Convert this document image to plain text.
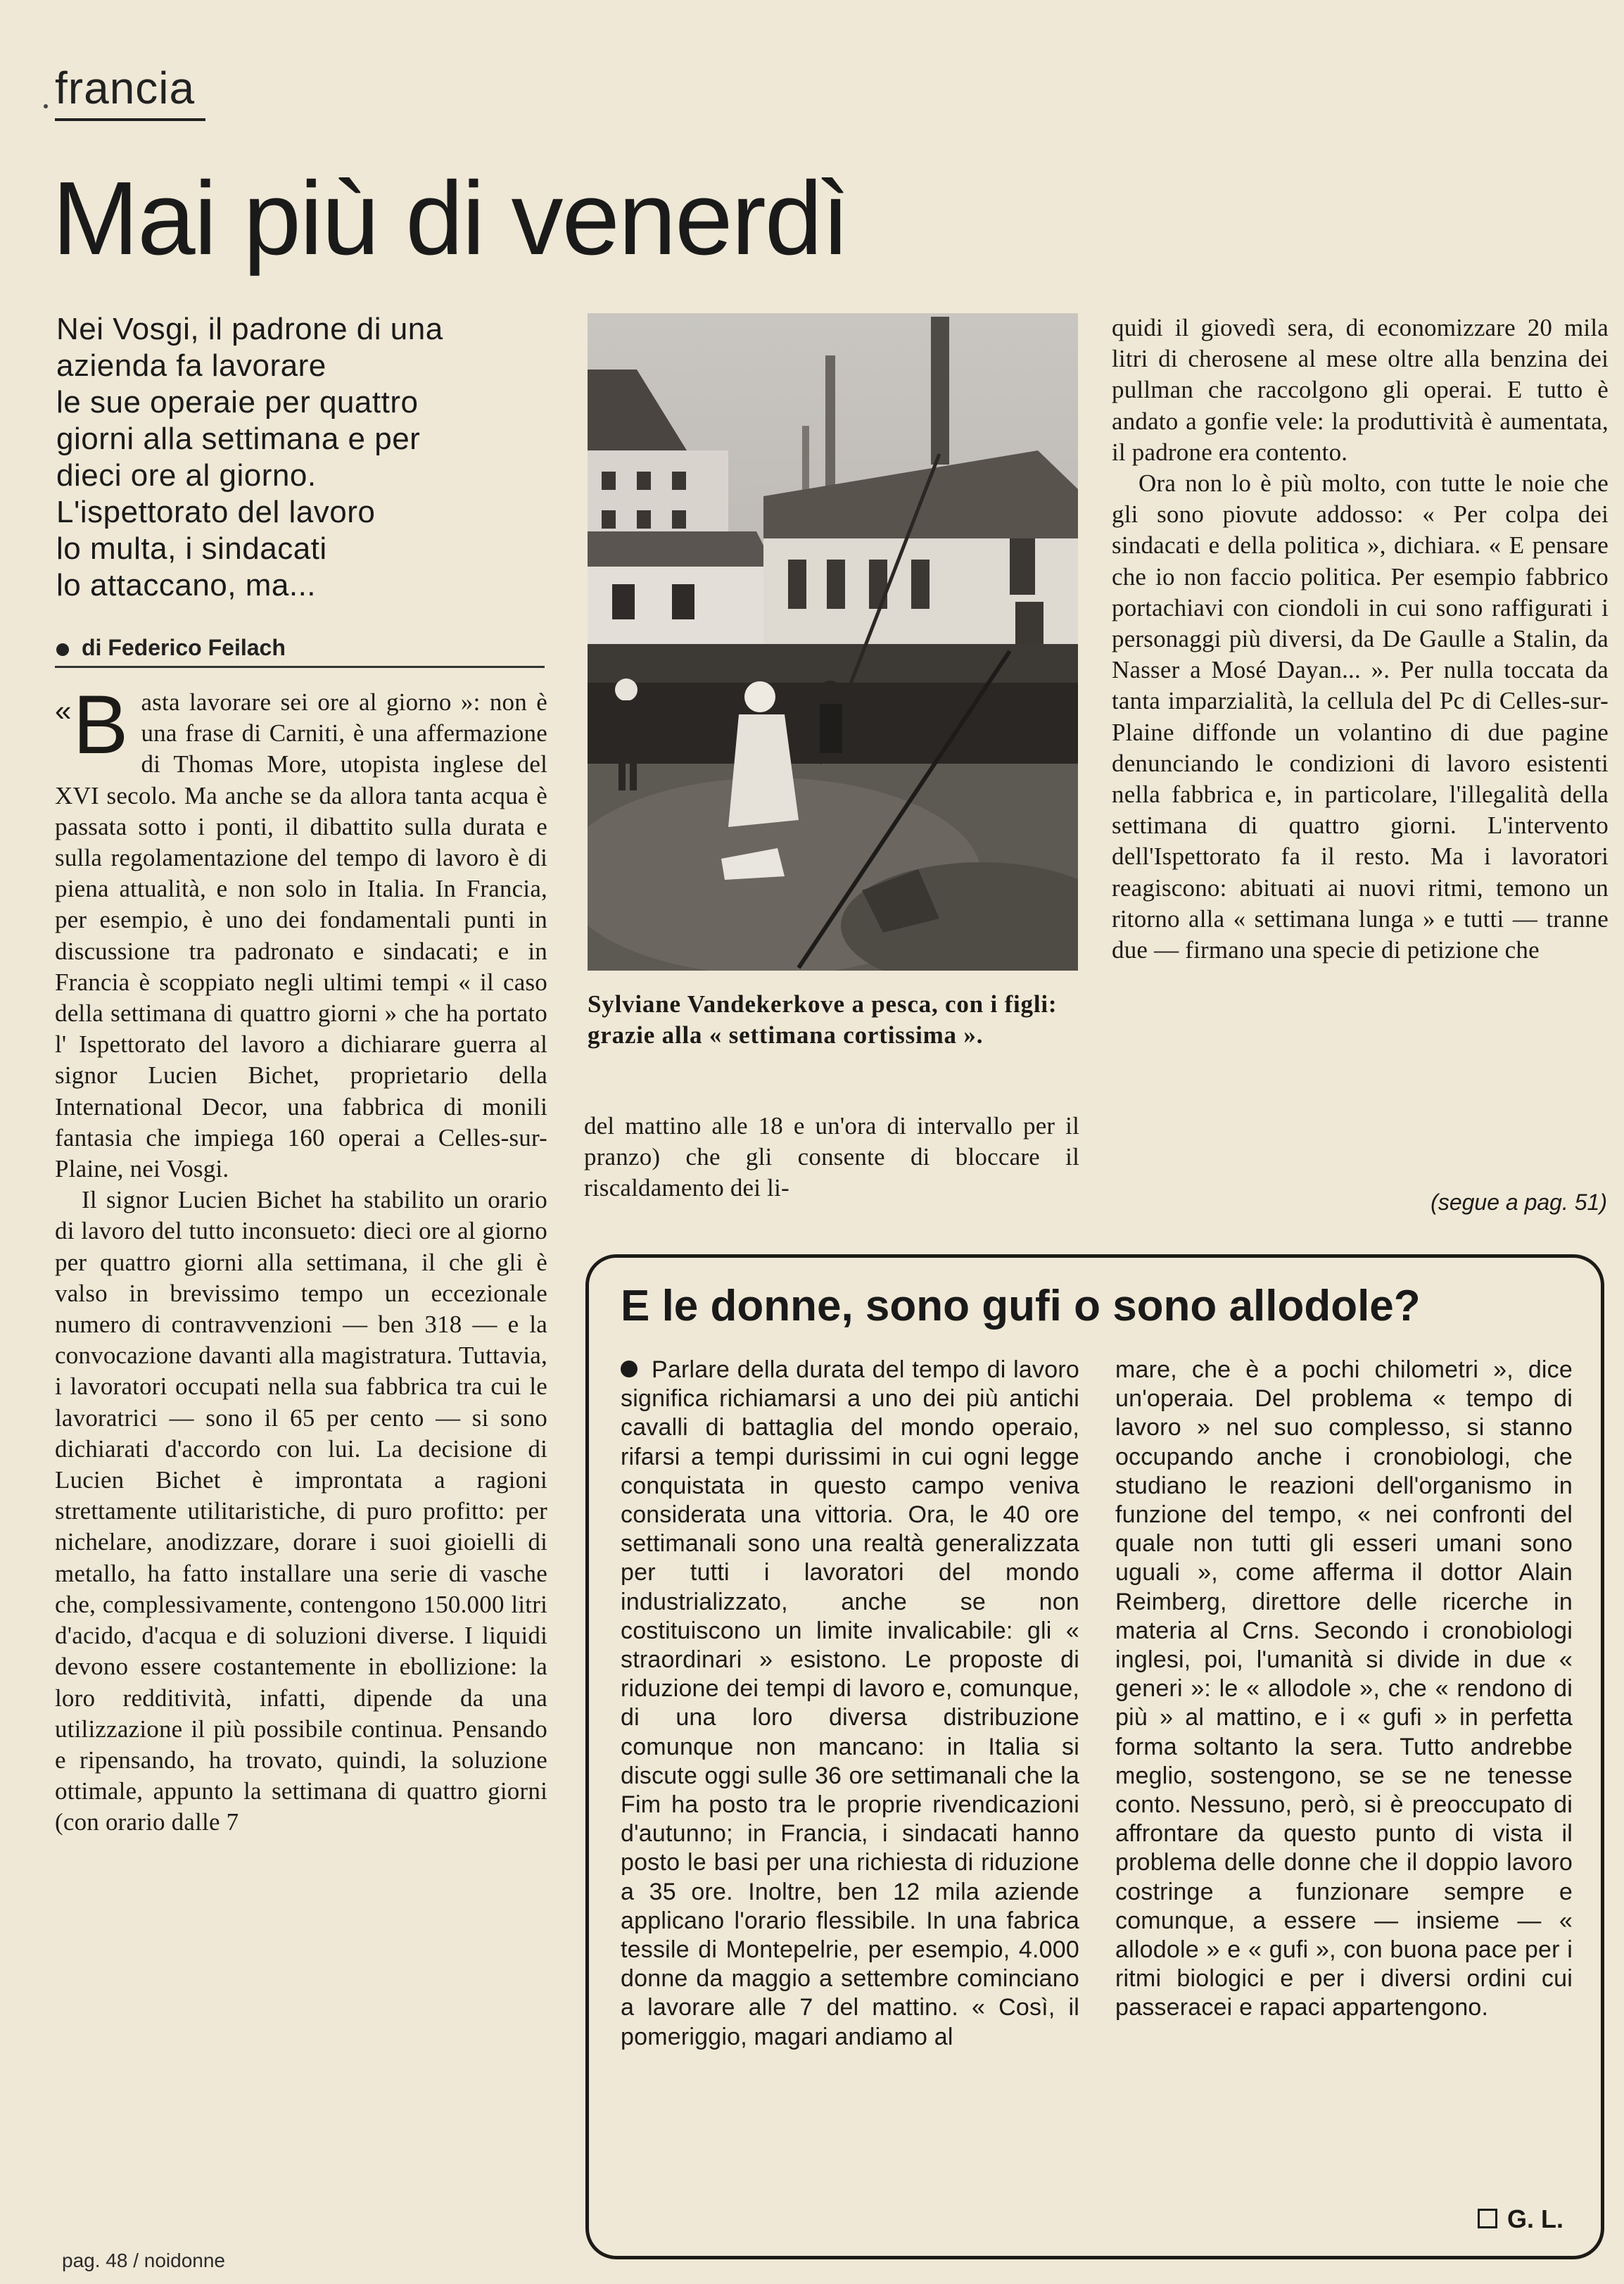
francia
Mai più di venerdì
Nei Vosgi, il padrone di una
azienda fa lavorare
le sue operaie per quattro
giorni alla settimana e per
dieci ore al giorno.
L'ispettorato del lavoro
lo multa, i sindacati
lo attaccano, ma...
di Federico Feilach

«B asta lavorare sei ore al giorno »: non è una frase di Carniti, è una affermazione di Thomas More, utopista inglese del XVI secolo. Ma anche se da allora tanta acqua è passata sotto i ponti, il dibattito sulla durata e sulla regolamentazione del tempo di lavoro è di piena attualità, e non solo in Italia. In Francia, per esempio, è uno dei fondamentali punti in discussione tra padronato e sindacati; e in Francia è scoppiato negli ultimi tempi « il caso della settimana di quattro giorni » che ha portato l' Ispettorato del lavoro a dichiarare guerra al signor Lucien Bichet, proprietario della International Decor, una fabbrica di monili fantasia che impiega 160 operai a Celles-sur-Plaine, nei Vosgi.

Il signor Lucien Bichet ha stabilito un orario di lavoro del tutto inconsueto: dieci ore al giorno per quattro giorni alla settimana, il che gli è valso in brevissimo tempo un eccezionale numero di contravvenzioni — ben 318 — e la convocazione davanti alla magistratura. Tuttavia, i lavoratori occupati nella sua fabbrica tra cui le lavoratrici — sono il 65 per cento — si sono dichiarati d'accordo con lui. La decisione di Lucien Bichet è improntata a ragioni strettamente utilitaristiche, di puro profitto: per nichelare, anodizzare, dorare i suoi gioielli di metallo, ha fatto installare una serie di vasche che, complessivamente, contengono 150.000 litri d'acido, d'acqua e di soluzioni diverse. I liquidi devono essere costantemente in ebollizione: la loro redditività, infatti, dipende da una utilizzazione il più possibile continua. Pensando e ripensando, ha trovato, quindi, la soluzione ottimale, appunto la settimana di quattro giorni (con orario dalle 7

Sylviane Vandekerkove a pesca, con i figli: grazie alla « settimana cortissima ».

del mattino alle 18 e un'ora di intervallo per il pranzo) che gli consente di bloccare il riscaldamento dei li-

quidi il giovedì sera, di economizzare 20 mila litri di cherosene al mese oltre alla benzina dei pullman che raccolgono gli operai. E tutto è andato a gonfie vele: la produttività è aumentata, il padrone era contento.

Ora non lo è più molto, con tutte le noie che gli sono piovute addosso: « Per colpa dei sindacati e della politica », dichiara. « E pensare che io non faccio politica. Per esempio fabbrico portachiavi con ciondoli in cui sono raffigurati i personaggi più diversi, da De Gaulle a Stalin, da Nasser a Mosé Dayan... ». Per nulla toccata da tanta imparzialità, la cellula del Pc di Celles-sur-Plaine diffonde un volantino di due pagine denunciando le condizioni di lavoro esistenti nella fabbrica e, in particolare, l'illegalità della settimana di quattro giorni. L'intervento dell'Ispettorato fa il resto. Ma i lavoratori reagiscono: abituati ai nuovi ritmi, temono un ritorno alla « settimana lunga » e tutti — tranne due — firmano una specie di petizione che

(segue a pag. 51)
E le donne, sono gufi o sono allodole?
Parlare della durata del tempo di lavoro significa richiamarsi a uno dei più antichi cavalli di battaglia del mondo operaio, rifarsi a tempi durissimi in cui ogni legge conquistata in questo campo veniva considerata una vittoria. Ora, le 40 ore settimanali sono una realtà generalizzata per tutti i lavoratori del mondo industrializzato, anche se non costituiscono un limite invalicabile: gli « straordinari » esistono. Le proposte di riduzione dei tempi di lavoro e, comunque, di una loro diversa distribuzione comunque non mancano: in Italia si discute oggi sulle 36 ore settimanali che la Fim ha posto tra le proprie rivendicazioni d'autunno; in Francia, i sindacati hanno posto le basi per una richiesta di riduzione a 35 ore. Inoltre, ben 12 mila aziende applicano l'orario flessibile. In una fabrica tessile di Montepelrie, per esempio, 4.000 donne da maggio a settembre cominciano a lavorare alle 7 del mattino. « Così, il pomeriggio, magari andiamo al
mare, che è a pochi chilometri », dice un'operaia. Del problema « tempo di lavoro » nel suo complesso, si stanno occupando anche i cronobiologi, che studiano le reazioni dell'organismo in funzione del tempo, « nei confronti del quale non tutti gli esseri umani sono uguali », come afferma il dottor Alain Reimberg, direttore delle ricerche in materia al Crns. Secondo i cronobiologi inglesi, poi, l'umanità si divide in due « generi »: le « allodole », che « rendono di più » al mattino, e i « gufi » in perfetta forma soltanto la sera. Tutto andrebbe meglio, sostengono, se se ne tenesse conto. Nessuno, però, si è preoccupato di affrontare da questo punto di vista il problema delle donne che il doppio lavoro costringe a funzionare sempre e comunque, a essere — insieme — « allodole » e « gufi », con buona pace per i ritmi biologici e per i diversi ordini cui passeracei e rapaci appartengono.
G. L.
pag. 48 / noidonne
